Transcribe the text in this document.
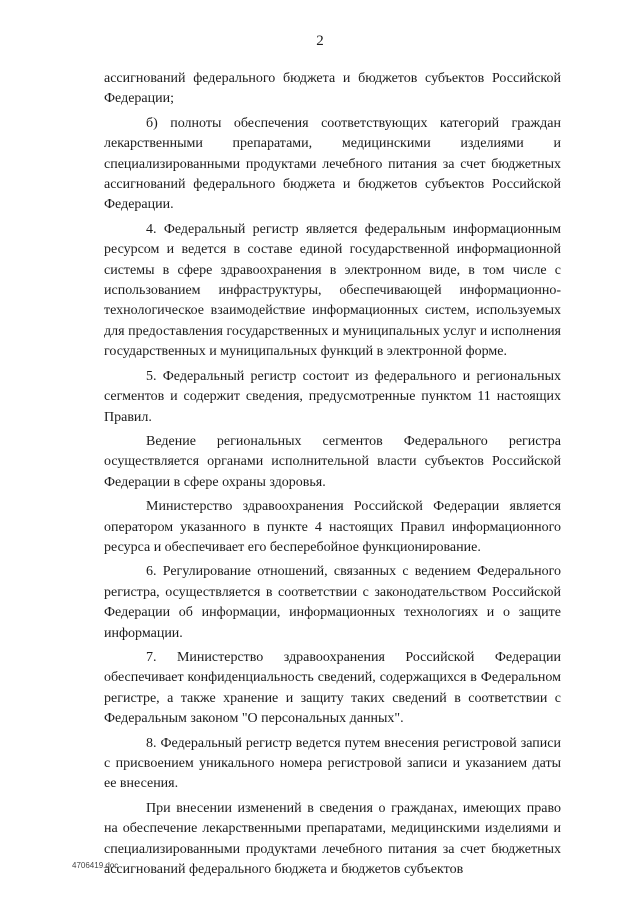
2

ассигнований федерального бюджета и бюджетов субъектов Российской Федерации;

б) полноты обеспечения соответствующих категорий граждан лекарственными препаратами, медицинскими изделиями и специализированными продуктами лечебного питания за счет бюджетных ассигнований федерального бюджета и бюджетов субъектов Российской Федерации.

4. Федеральный регистр является федеральным информационным ресурсом и ведется в составе единой государственной информационной системы в сфере здравоохранения в электронном виде, в том числе с использованием инфраструктуры, обеспечивающей информационно-технологическое взаимодействие информационных систем, используемых для предоставления государственных и муниципальных услуг и исполнения государственных и муниципальных функций в электронной форме.

5. Федеральный регистр состоит из федерального и региональных сегментов и содержит сведения, предусмотренные пунктом 11 настоящих Правил.

Ведение региональных сегментов Федерального регистра осуществляется органами исполнительной власти субъектов Российской Федерации в сфере охраны здоровья.

Министерство здравоохранения Российской Федерации является оператором указанного в пункте 4 настоящих Правил информационного ресурса и обеспечивает его бесперебойное функционирование.

6. Регулирование отношений, связанных с ведением Федерального регистра, осуществляется в соответствии с законодательством Российской Федерации об информации, информационных технологиях и о защите информации.

7. Министерство здравоохранения Российской Федерации обеспечивает конфиденциальность сведений, содержащихся в Федеральном регистре, а также хранение и защиту таких сведений в соответствии с Федеральным законом "О персональных данных".

8. Федеральный регистр ведется путем внесения регистровой записи с присвоением уникального номера регистровой записи и указанием даты ее внесения.

При внесении изменений в сведения о гражданах, имеющих право на обеспечение лекарственными препаратами, медицинскими изделиями и специализированными продуктами лечебного питания за счет бюджетных ассигнований федерального бюджета и бюджетов субъектов

4706419.doc
